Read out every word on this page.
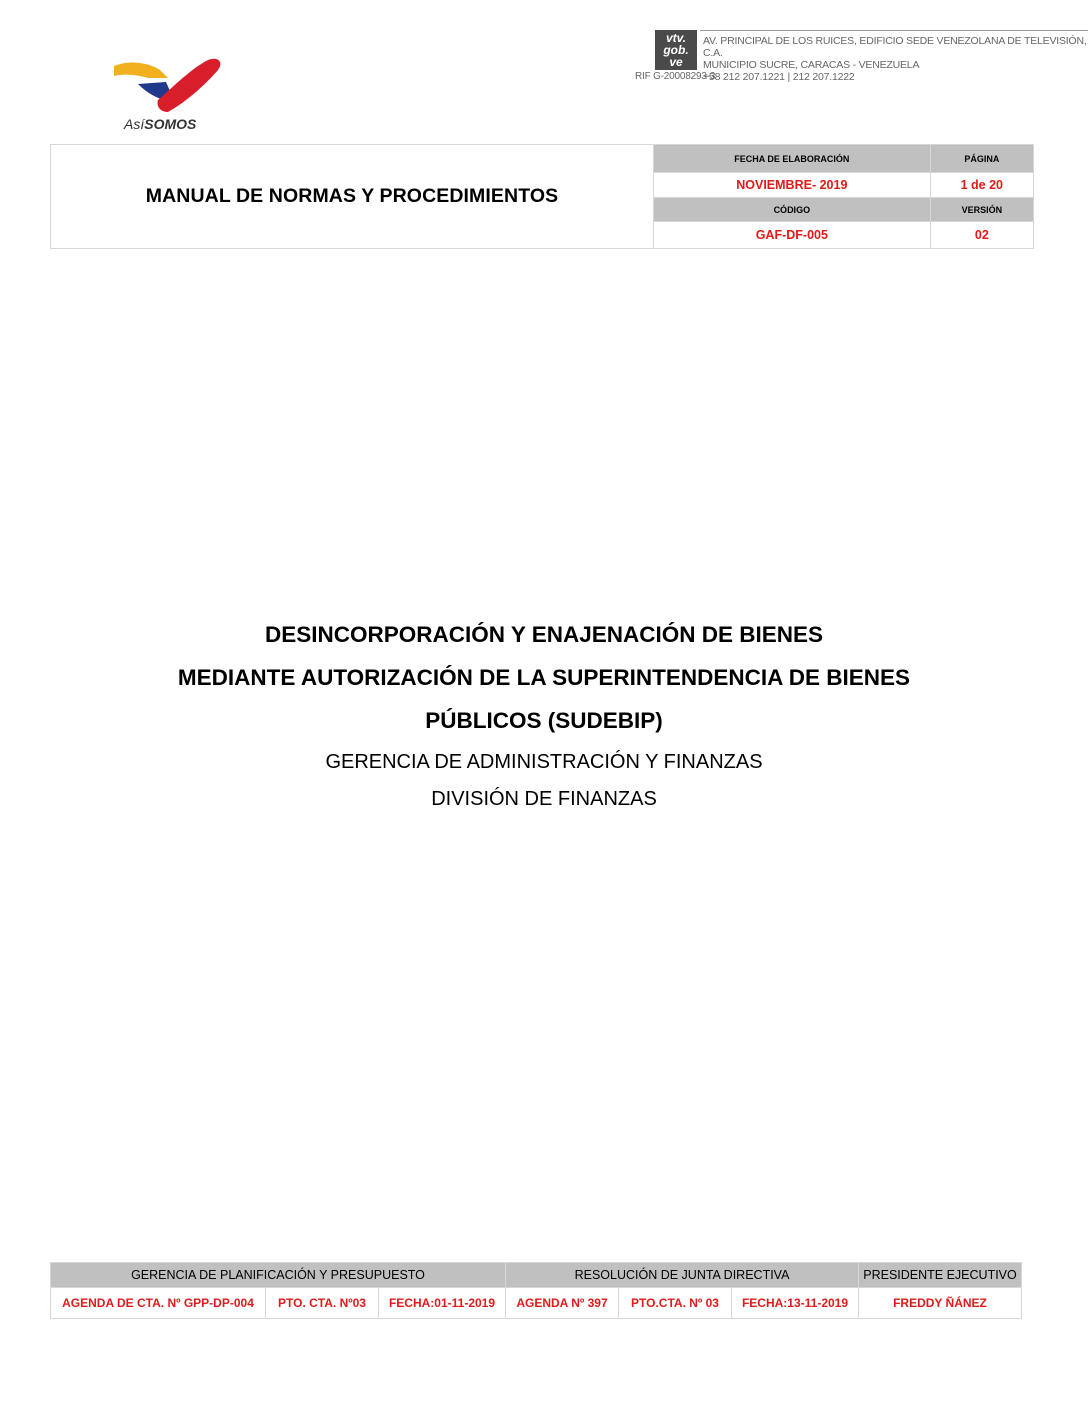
AsíSOMOS
vtv.
gob.
ve
AV. PRINCIPAL DE LOS RUICES, EDIFICIO SEDE VENEZOLANA DE TELEVISIÓN, C.A.
MUNICIPIO SUCRE, CARACAS - VENEZUELA
+58 212 207.1221 | 212 207.1222
RIF G-20008293-3
MANUAL DE NORMAS Y PROCEDIMIENTOS	FECHA DE ELABORACIÓN	PÁGINA
	NOVIEMBRE- 2019	1 de 20
	CÓDIGO	VERSIÓN
	GAF-DF-005	02
DESINCORPORACIÓN Y ENAJENACIÓN DE BIENES
MEDIANTE AUTORIZACIÓN DE LA SUPERINTENDENCIA DE BIENES
PÚBLICOS (SUDEBIP)
GERENCIA DE ADMINISTRACIÓN Y FINANZAS
DIVISIÓN DE FINANZAS
GERENCIA DE PLANIFICACIÓN Y PRESUPUESTO			RESOLUCIÓN DE JUNTA DIRECTIVA			PRESIDENTE EJECUTIVO
AGENDA DE CTA. Nº GPP-DP-004	PTO. CTA. Nº03	FECHA:01-11-2019	AGENDA Nº 397	PTO.CTA. Nº 03	FECHA:13-11-2019	FREDDY ÑÁNEZ
